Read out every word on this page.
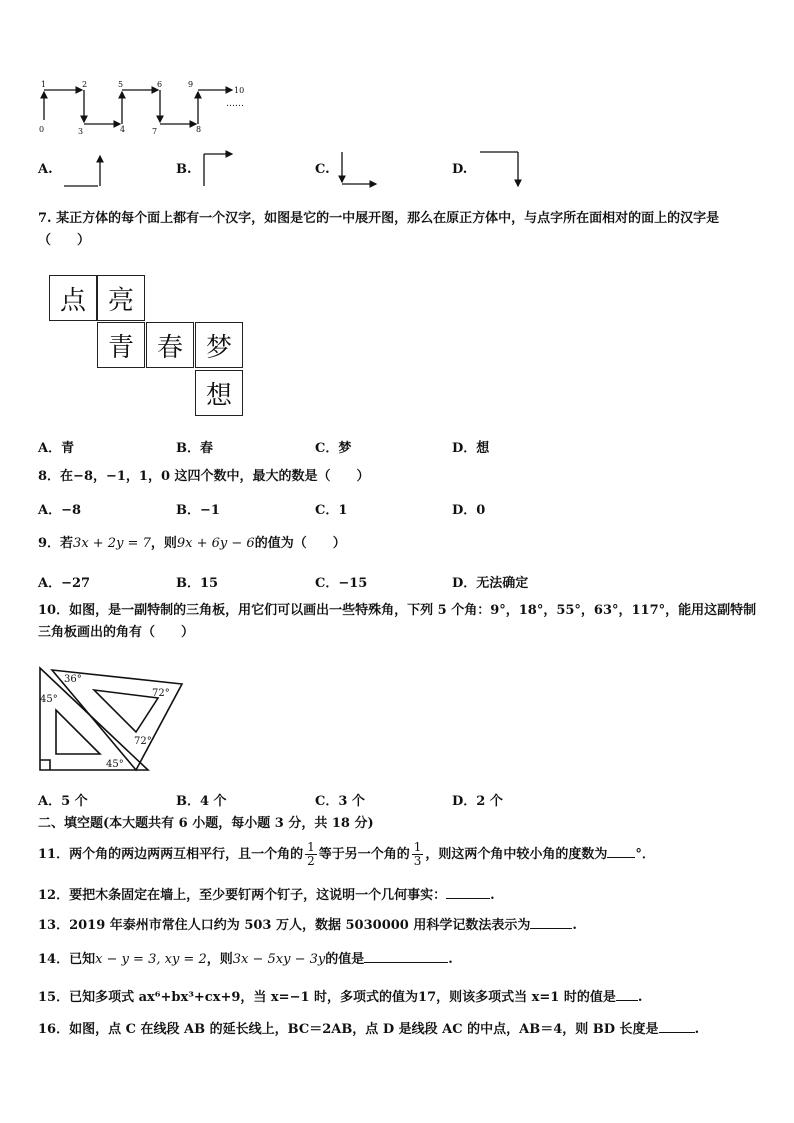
1	2	5	6	9
10
0	3	4	7	8
……
A.	B.	C.	D.
7. 某正方体的每个面上都有一个汉字，如图是它的一中展开图，那么在原正方体中，与点字所在面相对的面上的汉字是（　　）
点 亮
青 春 梦
想
A．青	B．春	C．梦	D．想
8．在−8，−1，1，0 这四个数中，最大的数是（　　）
A．−8	B．−1	C．1	D．0
9．若3x + 2y = 7，则9x + 6y − 6的值为（　　）
A．−27	B．15	C．−15	D．无法确定
10．如图，是一副特制的三角板，用它们可以画出一些特殊角，下列 5 个角：9°，18°，55°，63°，117°，能用这副特制三角板画出的角有（　　）
36°
72°
45°
72°
45°
A．5 个	B．4 个	C．3 个	D．2 个
二、填空题(本大题共有 6 小题，每小题 3 分，共 18 分)
11．两个角的两边两两互相平行，且一个角的 $\frac{1}{2}$ 等于另一个角的 $\frac{1}{3}$ ，则这两个角中较小角的度数为 °．
12．要把木条固定在墙上，至少要钉两个钉子，这说明一个几何事实：	.
13．2019 年泰州市常住人口约为 503 万人，数据 5030000 用科学记数法表示为	.
14．已知x − y = 3, xy = 2，则3x − 5xy − 3y的值是	.
15．已知多项式 ax⁶+bx³+cx+9，当 x=−1 时，多项式的值为17，则该多项式当 x=1 时的值是 .
16．如图，点 C 在线段 AB 的延长线上，BC＝2AB，点 D 是线段 AC 的中点，AB＝4，则 BD 长度是	.
